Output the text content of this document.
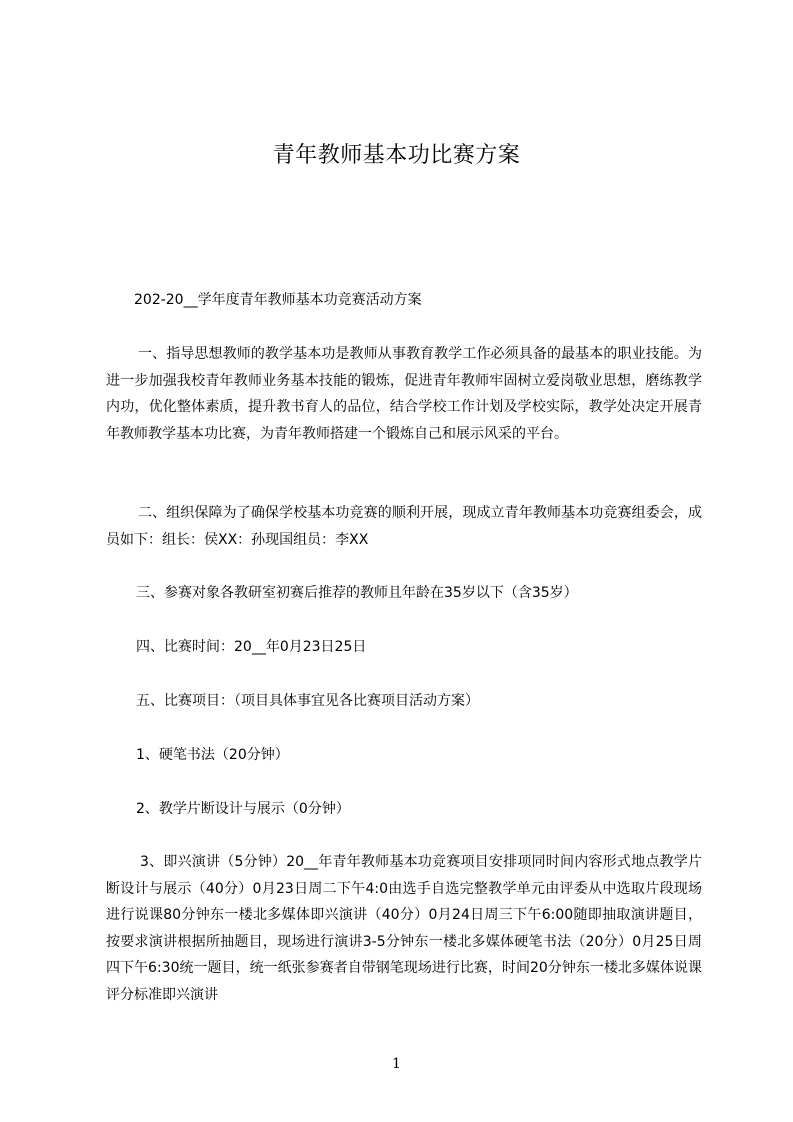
青年教师基本功比赛方案

202-20__学年度青年教师基本功竞赛活动方案

一、指导思想教师的教学基本功是教师从事教育教学工作必须具备的最基本的职业技能。为进一步加强我校青年教师业务基本技能的锻炼，促进青年教师牢固树立爱岗敬业思想，磨练教学内功，优化整体素质，提升教书育人的品位，结合学校工作计划及学校实际，教学处决定开展青年教师教学基本功比赛，为青年教师搭建一个锻炼自己和展示风采的平台。

二、组织保障为了确保学校基本功竞赛的顺利开展，现成立青年教师基本功竞赛组委会，成员如下：组长：侯XX：孙现国组员：李XX

三、参赛对象各教研室初赛后推荐的教师且年龄在35岁以下（含35岁）

四、比赛时间：20__年0月23日25日

五、比赛项目：（项目具体事宜见各比赛项目活动方案）

1、硬笔书法（20分钟）

2、教学片断设计与展示（0分钟）

3、即兴演讲（5分钟）20__年青年教师基本功竞赛项目安排项同时间内容形式地点教学片断设计与展示（40分）0月23日周二下午4:0由选手自选完整教学单元由评委从中选取片段现场进行说课80分钟东一楼北多媒体即兴演讲（40分）0月24日周三下午6:00随即抽取演讲题目，按要求演讲根据所抽题目，现场进行演讲3-5分钟东一楼北多媒体硬笔书法（20分）0月25日周四下午6:30统一题目，统一纸张参赛者自带钢笔现场进行比赛，时间20分钟东一楼北多媒体说课评分标准即兴演讲

1
